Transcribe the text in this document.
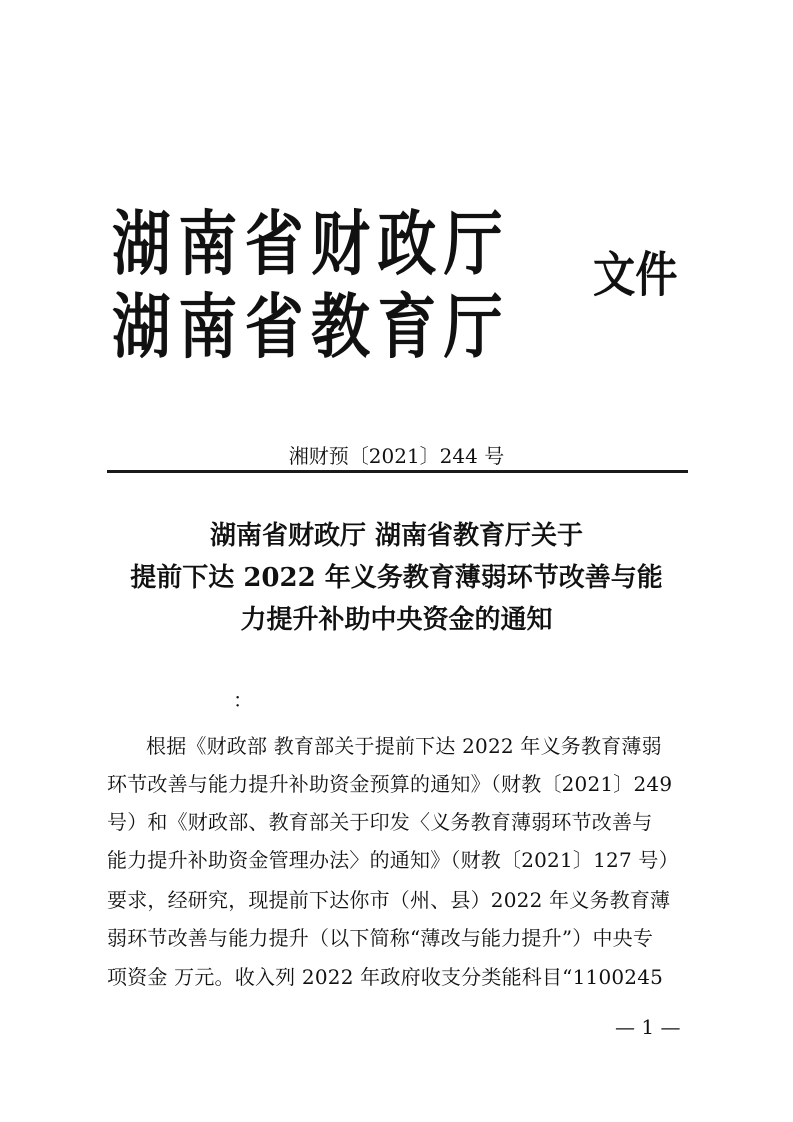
湖南省财政厅
湖南省教育厅
文件
湘财预〔2021〕244 号
湖南省财政厅 湖南省教育厅关于
提前下达 2022 年义务教育薄弱环节改善与能
力提升补助中央资金的通知
：
根据《财政部 教育部关于提前下达 2022 年义务教育薄弱
环节改善与能力提升补助资金预算的通知》（财教〔2021〕249
号）和《财政部、教育部关于印发〈义务教育薄弱环节改善与
能力提升补助资金管理办法〉的通知》（财教〔2021〕127 号）
要求，经研究，现提前下达你市（州、县）2022 年义务教育薄
弱环节改善与能力提升（以下简称“薄改与能力提升”）中央专
项资金 万元。收入列 2022 年政府收支分类能科目“1100245
— 1 —
